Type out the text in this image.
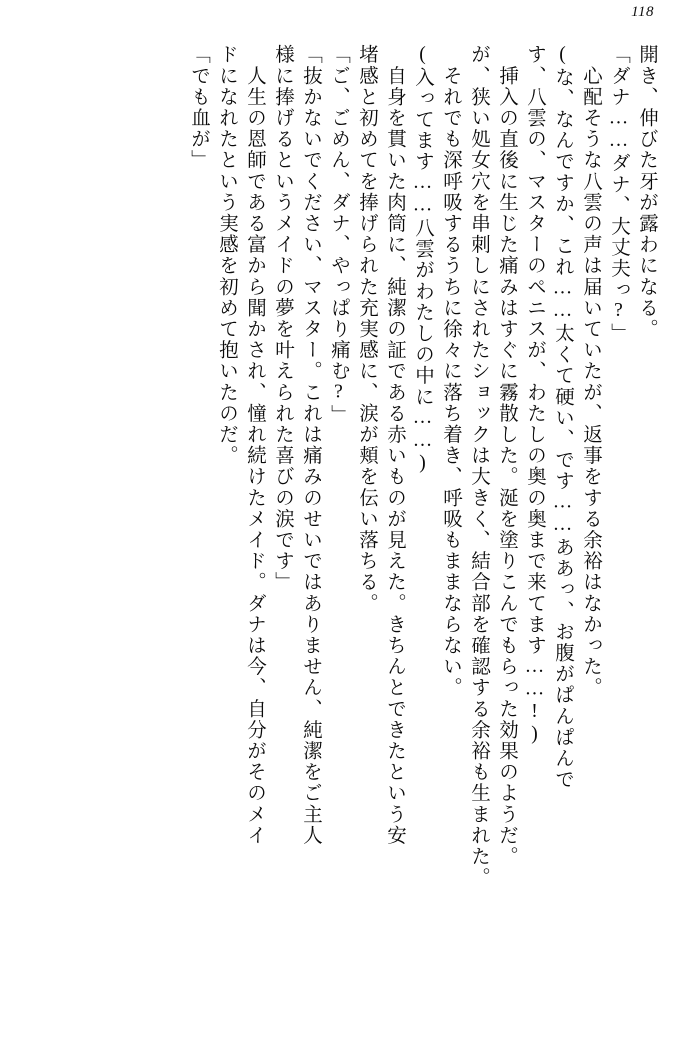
118
開き、伸びた牙が露わになる。
「ダナ……ダナ、大丈夫っ?」
　心配そうな八雲の声は届いていたが、返事をする余裕はなかった。
(な、なんですか、これ……太くて硬い、です……ああっ、お腹がぱんぱんで
す、八雲の、マスターのペニスが、わたしの奥の奥まで来てます……!)
　挿入の直後に生じた痛みはすぐに霧散した。涎を塗りこんでもらった効果のようだ。
が、狭い処女穴を串刺しにされたショックは大きく、結合部を確認する余裕も生まれた。
　それでも深呼吸するうちに徐々に落ち着き、呼吸もままならない。
(入ってます……八雲がわたしの中に……)
　自身を貫いた肉筒に、純潔の証である赤いものが見えた。きちんとできたという安
堵感と初めてを捧げられた充実感に、涙が頬を伝い落ちる。
「ご、ごめん、ダナ、やっぱり痛む?」
「抜かないでください、マスター。これは痛みのせいではありません、純潔をご主人
様に捧げるというメイドの夢を叶えられた喜びの涙です」
　人生の恩師である富から聞かされ、憧れ続けたメイド。ダナは今、自分がそのメイ
ドになれたという実感を初めて抱いたのだ。
「でも血が」
